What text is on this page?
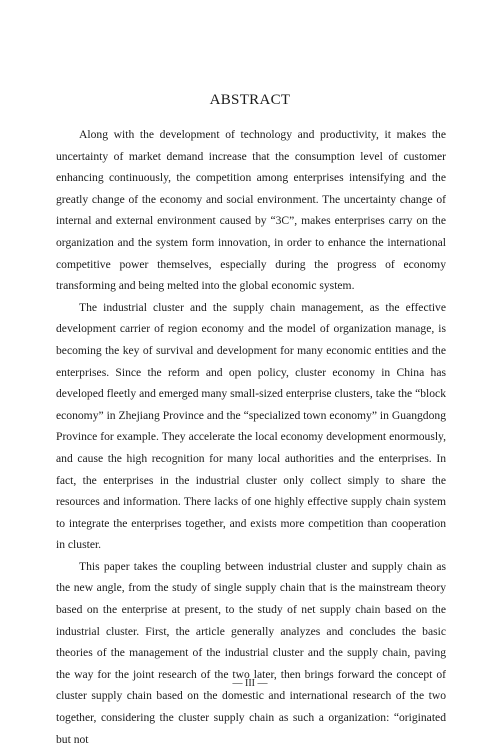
ABSTRACT

Along with the development of technology and productivity, it makes the uncertainty of market demand increase that the consumption level of customer enhancing continuously, the competition among enterprises intensifying and the greatly change of the economy and social environment. The uncertainty change of internal and external environment caused by “3C”, makes enterprises carry on the organization and the system form innovation, in order to enhance the international competitive power themselves, especially during the progress of economy transforming and being melted into the global economic system.

The industrial cluster and the supply chain management, as the effective development carrier of region economy and the model of organization manage, is becoming the key of survival and development for many economic entities and the enterprises. Since the reform and open policy, cluster economy in China has developed fleetly and emerged many small-sized enterprise clusters, take the “block economy” in Zhejiang Province and the “specialized town economy” in Guangdong Province for example. They accelerate the local economy development enormously, and cause the high recognition for many local authorities and the enterprises. In fact, the enterprises in the industrial cluster only collect simply to share the resources and information. There lacks of one highly effective supply chain system to integrate the enterprises together, and exists more competition than cooperation in cluster.

This paper takes the coupling between industrial cluster and supply chain as the new angle, from the study of single supply chain that is the mainstream theory based on the enterprise at present, to the study of net supply chain based on the industrial cluster. First, the article generally analyzes and concludes the basic theories of the management of the industrial cluster and the supply chain, paving the way for the joint research of the two later, then brings forward the concept of cluster supply chain based on the domestic and international research of the two together, considering the cluster supply chain as such a organization: “originated but not

— III —
